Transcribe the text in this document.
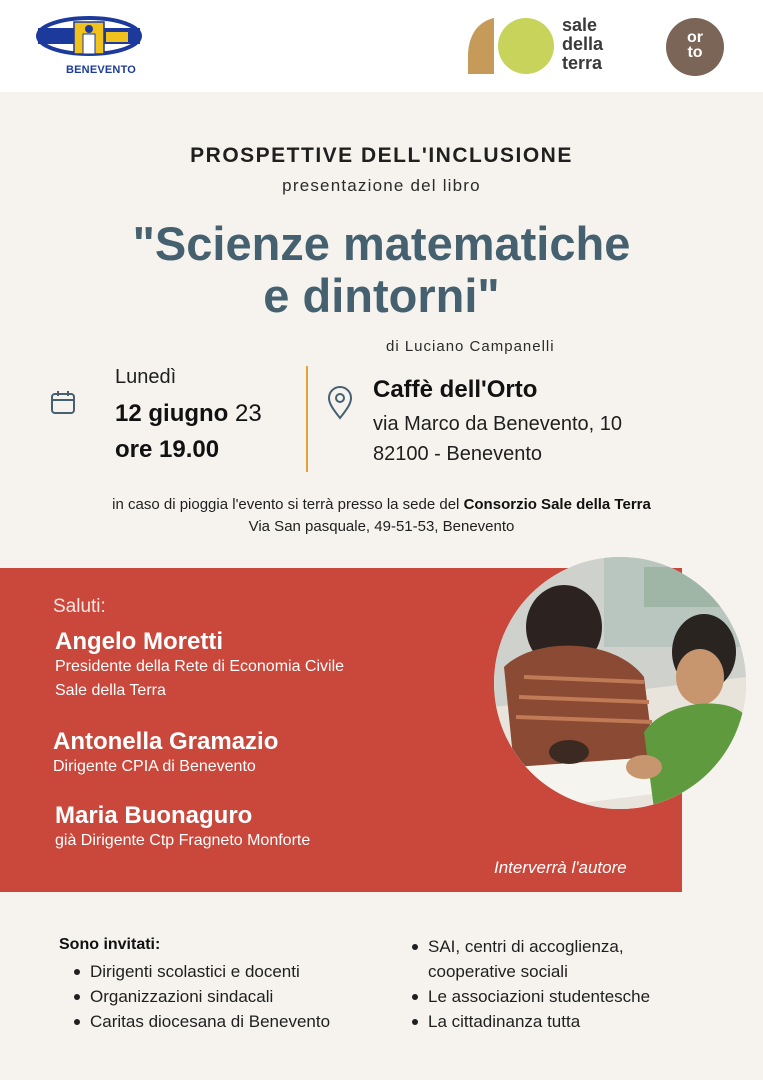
BENEVENTO
sale
della
terra
or
to
PROSPETTIVE DELL'INCLUSIONE
presentazione del libro
"Scienze matematiche
e dintorni"
di Luciano Campanelli
Lunedì
12 giugno 23
ore 19.00
Caffè dell'Orto
via Marco da Benevento, 10
82100 - Benevento
in caso di pioggia l'evento si terrà presso la sede del Consorzio Sale della Terra
Via San pasquale, 49-51-53, Benevento
Saluti:
Angelo Moretti
Presidente della Rete di Economia Civile
Sale della Terra
Antonella Gramazio
Dirigente CPIA di Benevento
Maria Buonaguro
già Dirigente Ctp Fragneto Monforte
Interverrà l'autore
Sono invitati:
Dirigenti scolastici e docenti
Organizzazioni sindacali
Caritas diocesana di Benevento
SAI, centri di accoglienza,
cooperative sociali
Le associazioni studentesche
La cittadinanza tutta
